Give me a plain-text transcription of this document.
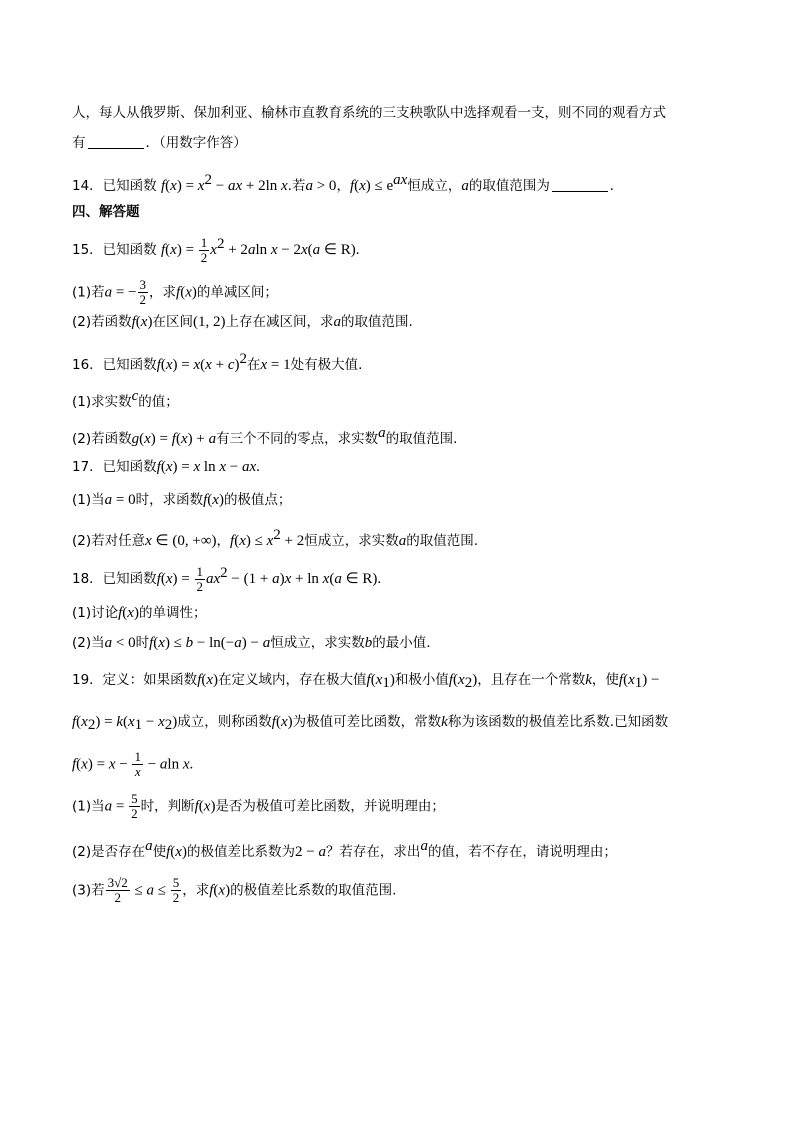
人，每人从俄罗斯、保加利亚、榆林市直教育系统的三支秧歌队中选择观看一支，则不同的观看方式
有	．（用数字作答）
14．已知函数 $f(x) = x^2$ − ax + 2ln x.若a > 0，$f(x) \le e^{ax}$恒成立，a的取值范围为	.
四、解答题
15．已知函数 $f(x) = \frac{1}{2} x^2 + 2aln$ x − 2x(a ∈ R).
(1)若a = − $\frac{3}{2}$ ，求f(x)的单减区间；
(2)若函数f(x)在区间(1, 2)上存在减区间，求a的取值范围.
16．已知函数$f(x) = x(x + c)^2$在x = 1处有极大值.
(1)求实数$^c$的值；
(2)若函数g(x) = f(x) + a有三个不同的零点，求实数$^a$的取值范围.
17．已知函数f(x) = x ln x − ax.
(1)当a = 0时，求函数f(x)的极值点；
(2)若对任意x ∈ (0, +∞)，$f(x) \le x^2 + 2$恒成立，求实数a的取值范围.
18．已知函数$f(x) = \frac{1}{2} ax^2 - (1 + a)x + \ln x(a$ ∈ R).
(1)讨论f(x)的单调性；
(2)当a < 0时f(x) ≤ b − ln(−a) − a恒成立，求实数b的最小值.
19．定义：如果函数f(x)在定义域内，存在极大值$f(x_1)$和极小值$f(x_2)$，且存在一个常数k，使$f(x_1)$ −
$f(x_2) = k(x_1 - x_2)$成立，则称函数f(x)为极值可差比函数，常数k称为该函数的极值差比系数.已知函数
$f(x) = x - \frac{1}{x} - aln$ x.
(1)当$a = \frac{5}{2}$ 时，判断f(x)是否为极值可差比函数，并说明理由；
(2)是否存在$^a$使f(x)的极值差比系数为2 − a？若存在，求出$^a$的值，若不存在，请说明理由；
(3)若 $\frac{3√2}{2} \le a \le \frac{5}{2}$ ，求f(x)的极值差比系数的取值范围.
